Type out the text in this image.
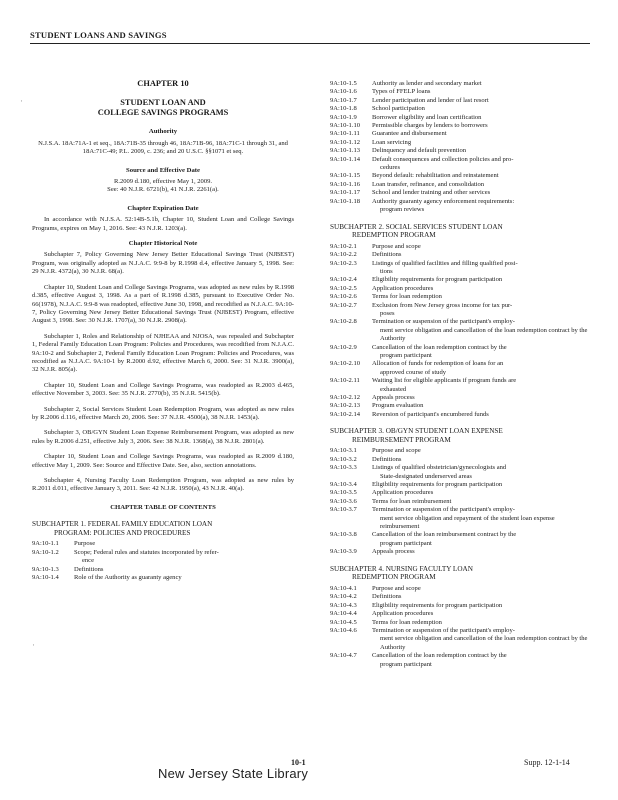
STUDENT LOANS AND SAVINGS
CHAPTER 10
STUDENT LOAN AND
COLLEGE SAVINGS PROGRAMS
Authority
N.J.S.A. 18A:71A-1 et seq., 18A:71B-35 through 46, 18A:71B-96, 18A:71C-1 through 31, and 18A:71C-49; P.L. 2009, c. 236; and 20 U.S.C. §§1071 et seq.
Source and Effective Date
R.2009 d.180, effective May 1, 2009.
See: 40 N.J.R. 6721(b), 41 N.J.R. 2261(a).
Chapter Expiration Date
In accordance with N.J.S.A. 52:14B-5.1b, Chapter 10, Student Loan and College Savings Programs, expires on May 1, 2016. See: 43 N.J.R. 1203(a).
Chapter Historical Note

Subchapter 7, Policy Governing New Jersey Better Educational Savings Trust (NJBEST) Program, was originally adopted as N.J.A.C. 9:9-8 by R.1998 d.4, effective January 5, 1998. See: 29 N.J.R. 4372(a), 30 N.J.R. 68(a).

Chapter 10, Student Loan and College Savings Programs, was adopted as new rules by R.1998 d.385, effective August 3, 1998. As a part of R.1998 d.385, pursuant to Executive Order No. 66(1978), N.J.A.C. 9:9-8 was readopted, effective June 30, 1998, and recodified as N.J.A.C. 9A:10-7, Policy Governing New Jersey Better Educational Savings Trust (NJBEST) Program, effective August 3, 1998. See: 30 N.J.R. 1707(a), 30 N.J.R. 2908(a).

Subchapter 1, Roles and Relationship of NJHEAA and NJOSA, was repealed and Subchapter 1, Federal Family Education Loan Program: Policies and Procedures, was recodified from N.J.A.C. 9A:10-2 and Subchapter 2, Federal Family Education Loan Program: Policies and Procedures, was recodified as N.J.A.C. 9A:10-1 by R.2000 d.92, effective March 6, 2000. See: 31 N.J.R. 3900(a), 32 N.J.R. 805(a).

Chapter 10, Student Loan and College Savings Programs, was readopted as R.2003 d.465, effective November 3, 2003. See: 35 N.J.R. 2770(b), 35 N.J.R. 5415(b).

Subchapter 2, Social Services Student Loan Redemption Program, was adopted as new rules by R.2006 d.116, effective March 20, 2006. See: 37 N.J.R. 4500(a), 38 N.J.R. 1453(a).

Subchapter 3, OB/GYN Student Loan Expense Reimbursement Program, was adopted as new rules by R.2006 d.251, effective July 3, 2006. See: 38 N.J.R. 1368(a), 38 N.J.R. 2801(a).

Chapter 10, Student Loan and College Savings Programs, was readopted as R.2009 d.180, effective May 1, 2009. See: Source and Effective Date. See, also, section annotations.

Subchapter 4, Nursing Faculty Loan Redemption Program, was adopted as new rules by R.2011 d.011, effective January 3, 2011. See: 42 N.J.R. 1950(a), 43 N.J.R. 40(a).

CHAPTER TABLE OF CONTENTS
SUBCHAPTER 1. FEDERAL FAMILY EDUCATION LOAN
PROGRAM: POLICIES AND PROCEDURES
9A:10-1.1	Purpose
9A:10-1.2	Scope; Federal rules and statutes incorporated by refer-
ence
9A:10-1.3	Definitions
9A:10-1.4	Role of the Authority as guaranty agency
9A:10-1.5	Authority as lender and secondary market
9A:10-1.6	Types of FFELP loans
9A:10-1.7	Lender participation and lender of last resort
9A:10-1.8	School participation
9A:10-1.9	Borrower eligibility and loan certification
9A:10-1.10	Permissible charges by lenders to borrowers
9A:10-1.11	Guarantee and disbursement
9A:10-1.12	Loan servicing
9A:10-1.13	Delinquency and default prevention
9A:10-1.14	Default consequences and collection policies and pro-
cedures
9A:10-1.15	Beyond default: rehabilitation and reinstatement
9A:10-1.16	Loan transfer, refinance, and consolidation
9A:10-1.17	School and lender training and other services
9A:10-1.18	Authority guaranty agency enforcement requirements:
program reviews
SUBCHAPTER 2. SOCIAL SERVICES STUDENT LOAN
REDEMPTION PROGRAM
9A:10-2.1	Purpose and scope
9A:10-2.2	Definitions
9A:10-2.3	Listings of qualified facilities and filling qualified posi-
tions
9A:10-2.4	Eligibility requirements for program participation
9A:10-2.5	Application procedures
9A:10-2.6	Terms for loan redemption
9A:10-2.7	Exclusion from New Jersey gross income for tax pur-
poses
9A:10-2.8	Termination or suspension of the participant's employ-
ment service obligation and cancellation of the loan redemption contract by the Authority
9A:10-2.9	Cancellation of the loan redemption contract by the
program participant
9A:10-2.10	Allocation of funds for redemption of loans for an
approved course of study
9A:10-2.11	Waiting list for eligible applicants if program funds are
exhausted
9A:10-2.12	Appeals process
9A:10-2.13	Program evaluation
9A:10-2.14	Reversion of participant's encumbered funds
SUBCHAPTER 3. OB/GYN STUDENT LOAN EXPENSE
REIMBURSEMENT PROGRAM
9A:10-3.1	Purpose and scope
9A:10-3.2	Definitions
9A:10-3.3	Listings of qualified obstetrician/gynecologists and
State-designated underserved areas
9A:10-3.4	Eligibility requirements for program participation
9A:10-3.5	Application procedures
9A:10-3.6	Terms for loan reimbursement
9A:10-3.7	Termination or suspension of the participant's employ-
ment service obligation and repayment of the student loan expense reimbursement
9A:10-3.8	Cancellation of the loan reimbursement contract by the
program participant
9A:10-3.9	Appeals process
SUBCHAPTER 4. NURSING FACULTY LOAN
REDEMPTION PROGRAM
9A:10-4.1	Purpose and scope
9A:10-4.2	Definitions
9A:10-4.3	Eligibility requirements for program participation
9A:10-4.4	Application procedures
9A:10-4.5	Terms for loan redemption
9A:10-4.6	Termination or suspension of the participant's employ-
ment service obligation and cancellation of the loan redemption contract by the Authority
9A:10-4.7	Cancellation of the loan redemption contract by the
program participant
·
·
10-1	Supp. 12-1-14
New Jersey State Library
